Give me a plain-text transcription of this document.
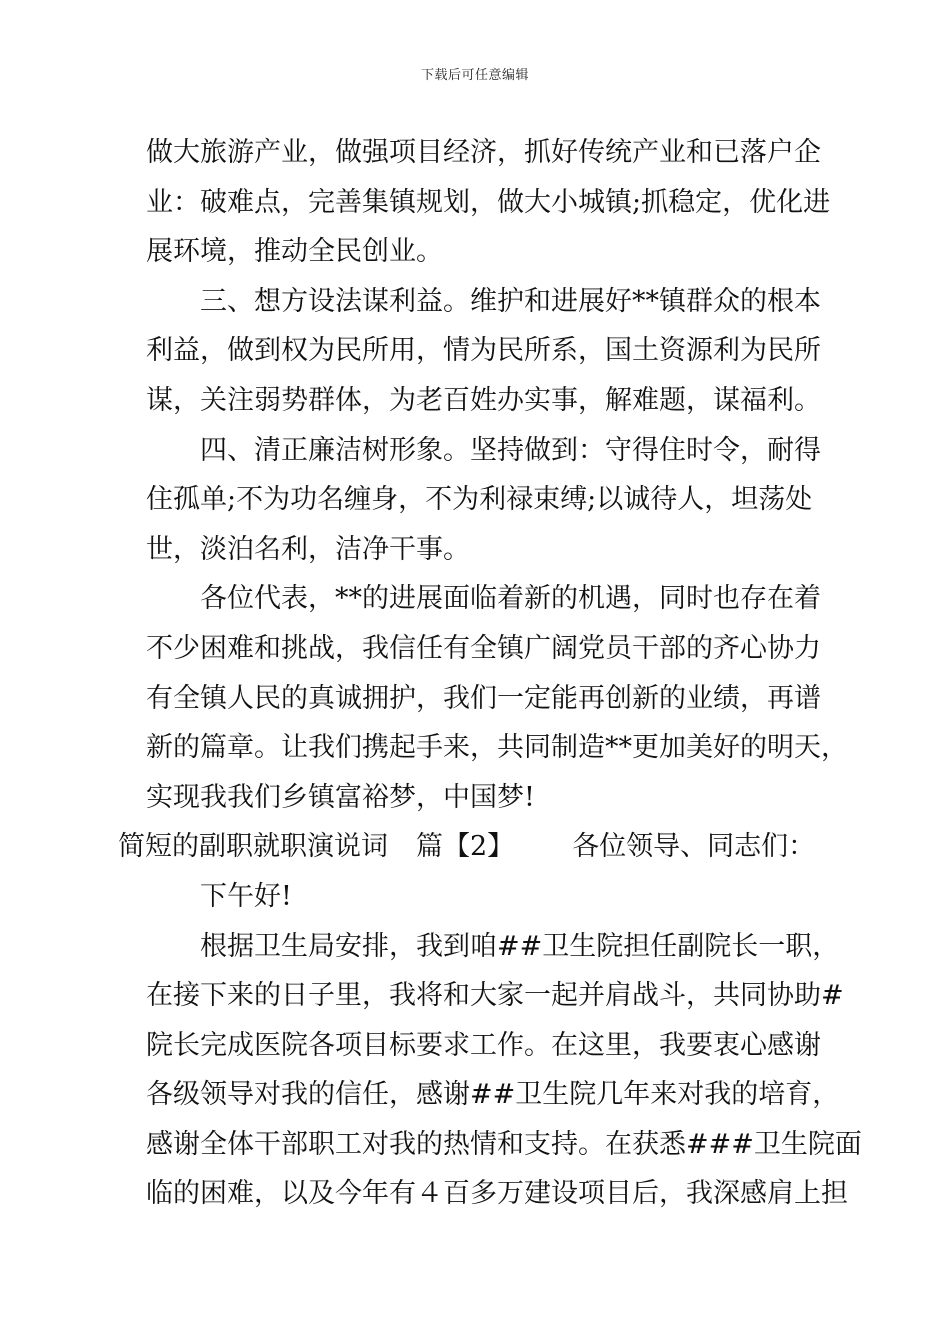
下载后可任意编辑
做大旅游产业，做强项目经济，抓好传统产业和已落户企
业：破难点，完善集镇规划，做大小城镇;抓稳定，优化进
展环境，推动全民创业。
三、想方设法谋利益。维护和进展好**镇群众的根本
利益，做到权为民所用，情为民所系，国土资源利为民所
谋，关注弱势群体，为老百姓办实事，解难题，谋福利。
四、清正廉洁树形象。坚持做到：守得住时令，耐得
住孤单;不为功名缠身，不为利禄束缚;以诚待人，坦荡处
世，淡泊名利，洁净干事。
各位代表，**的进展面临着新的机遇，同时也存在着
不少困难和挑战，我信任有全镇广阔党员干部的齐心协力
有全镇人民的真诚拥护，我们一定能再创新的业绩，再谱
新的篇章。让我们携起手来，共同制造**更加美好的明天，
实现我我们乡镇富裕梦，中国梦!
简短的副职就职演说词 篇【2】 各位领导、同志们：
下午好!
根据卫生局安排，我到咱##卫生院担任副院长一职，
在接下来的日子里，我将和大家一起并肩战斗，共同协助#
院长完成医院各项目标要求工作。在这里，我要衷心感谢
各级领导对我的信任，感谢##卫生院几年来对我的培育，
感谢全体干部职工对我的热情和支持。在获悉###卫生院面
临的困难，以及今年有４百多万建设项目后，我深感肩上担
